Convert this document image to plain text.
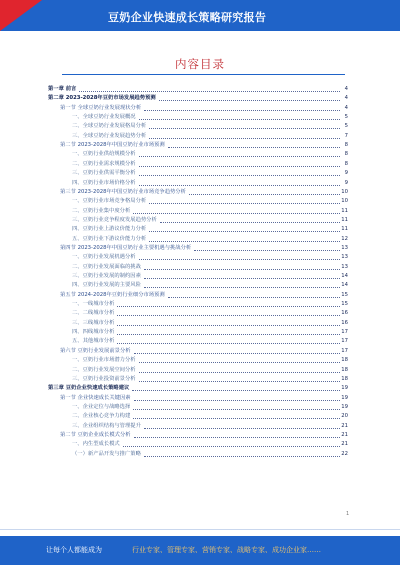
豆奶企业快速成长策略研究报告
内容目录
第一章 前言	4
第二章 2023-2028年豆奶市场发展趋势预测	4
第一节 全球豆奶行业发展现状分析	4
一、全球豆奶行业发展概况	5
二、全球豆奶行业发展格局分析	5
三、全球豆奶行业发展趋势分析	7
第二节 2023-2028年中国豆奶行业市场预测	8
一、豆奶行业供给规模分析	8
二、豆奶行业需求规模分析	8
三、豆奶行业供需平衡分析	9
四、豆奶行业市场价格分析	9
第三节 2023-2028年中国豆奶行业市场竞争趋势分析	10
一、豆奶行业市场竞争格局分析	10
二、豆奶行业集中度分析	11
三、豆奶行业竞争程度发展趋势分析	11
四、豆奶行业上游议价能力分析	11
五、豆奶行业下游议价能力分析	12
第四节 2023-2028年中国豆奶行业主要机遇与挑战分析	13
一、豆奶行业发展机遇分析	13
二、豆奶行业发展面临的挑战	13
三、豆奶行业发展的制约因素	14
四、豆奶行业发展的主要风险	14
第五节 2024-2028年豆奶行业细分市场预测	15
一、一线城市分析	15
二、二线城市分析	16
三、三线城市分析	16
四、四线城市分析	17
五、其他城市分析	17
第六节 豆奶行业发展前景分析	17
一、豆奶行业市场潜力分析	18
二、豆奶行业发展空间分析	18
三、豆奶行业投资前景分析	18
第三章 豆奶企业快速成长策略建议	19
第一节 企业快速成长关键因素	19
一、企业定位与战略选择	19
二、企业核心竞争力构建	20
三、企业组织结构与管理提升	21
第二节 豆奶企业成长模式分析	21
一、内生型成长模式	21
（一）新产品开发与推广策略	22
1
让每个人都能成为	行业专家、管理专家、营销专家、战略专家、成功企业家……
